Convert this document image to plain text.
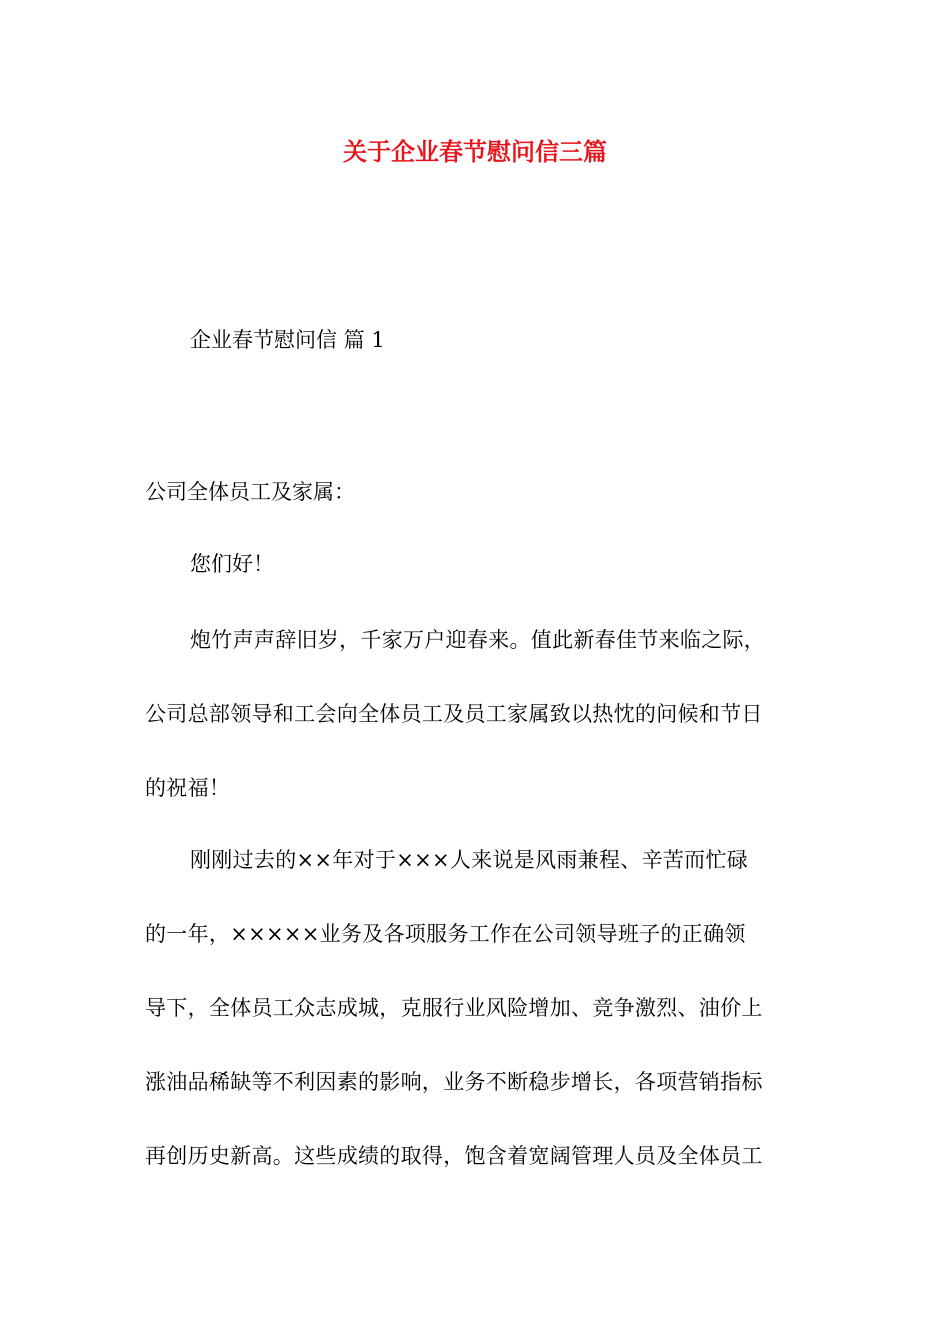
关于企业春节慰问信三篇

企业春节慰问信 篇 1

公司全体员工及家属：

您们好！

炮竹声声辞旧岁，千家万户迎春来。值此新春佳节来临之际，
公司总部领导和工会向全体员工及员工家属致以热忱的问候和节日
的祝福！
刚刚过去的××年对于×××人来说是风雨兼程、辛苦而忙碌
的一年，×××××业务及各项服务工作在公司领导班子的正确领
导下，全体员工众志成城，克服行业风险增加、竞争激烈、油价上
涨油品稀缺等不利因素的影响，业务不断稳步增长，各项营销指标
再创历史新高。这些成绩的取得，饱含着宽阔管理人员及全体员工
